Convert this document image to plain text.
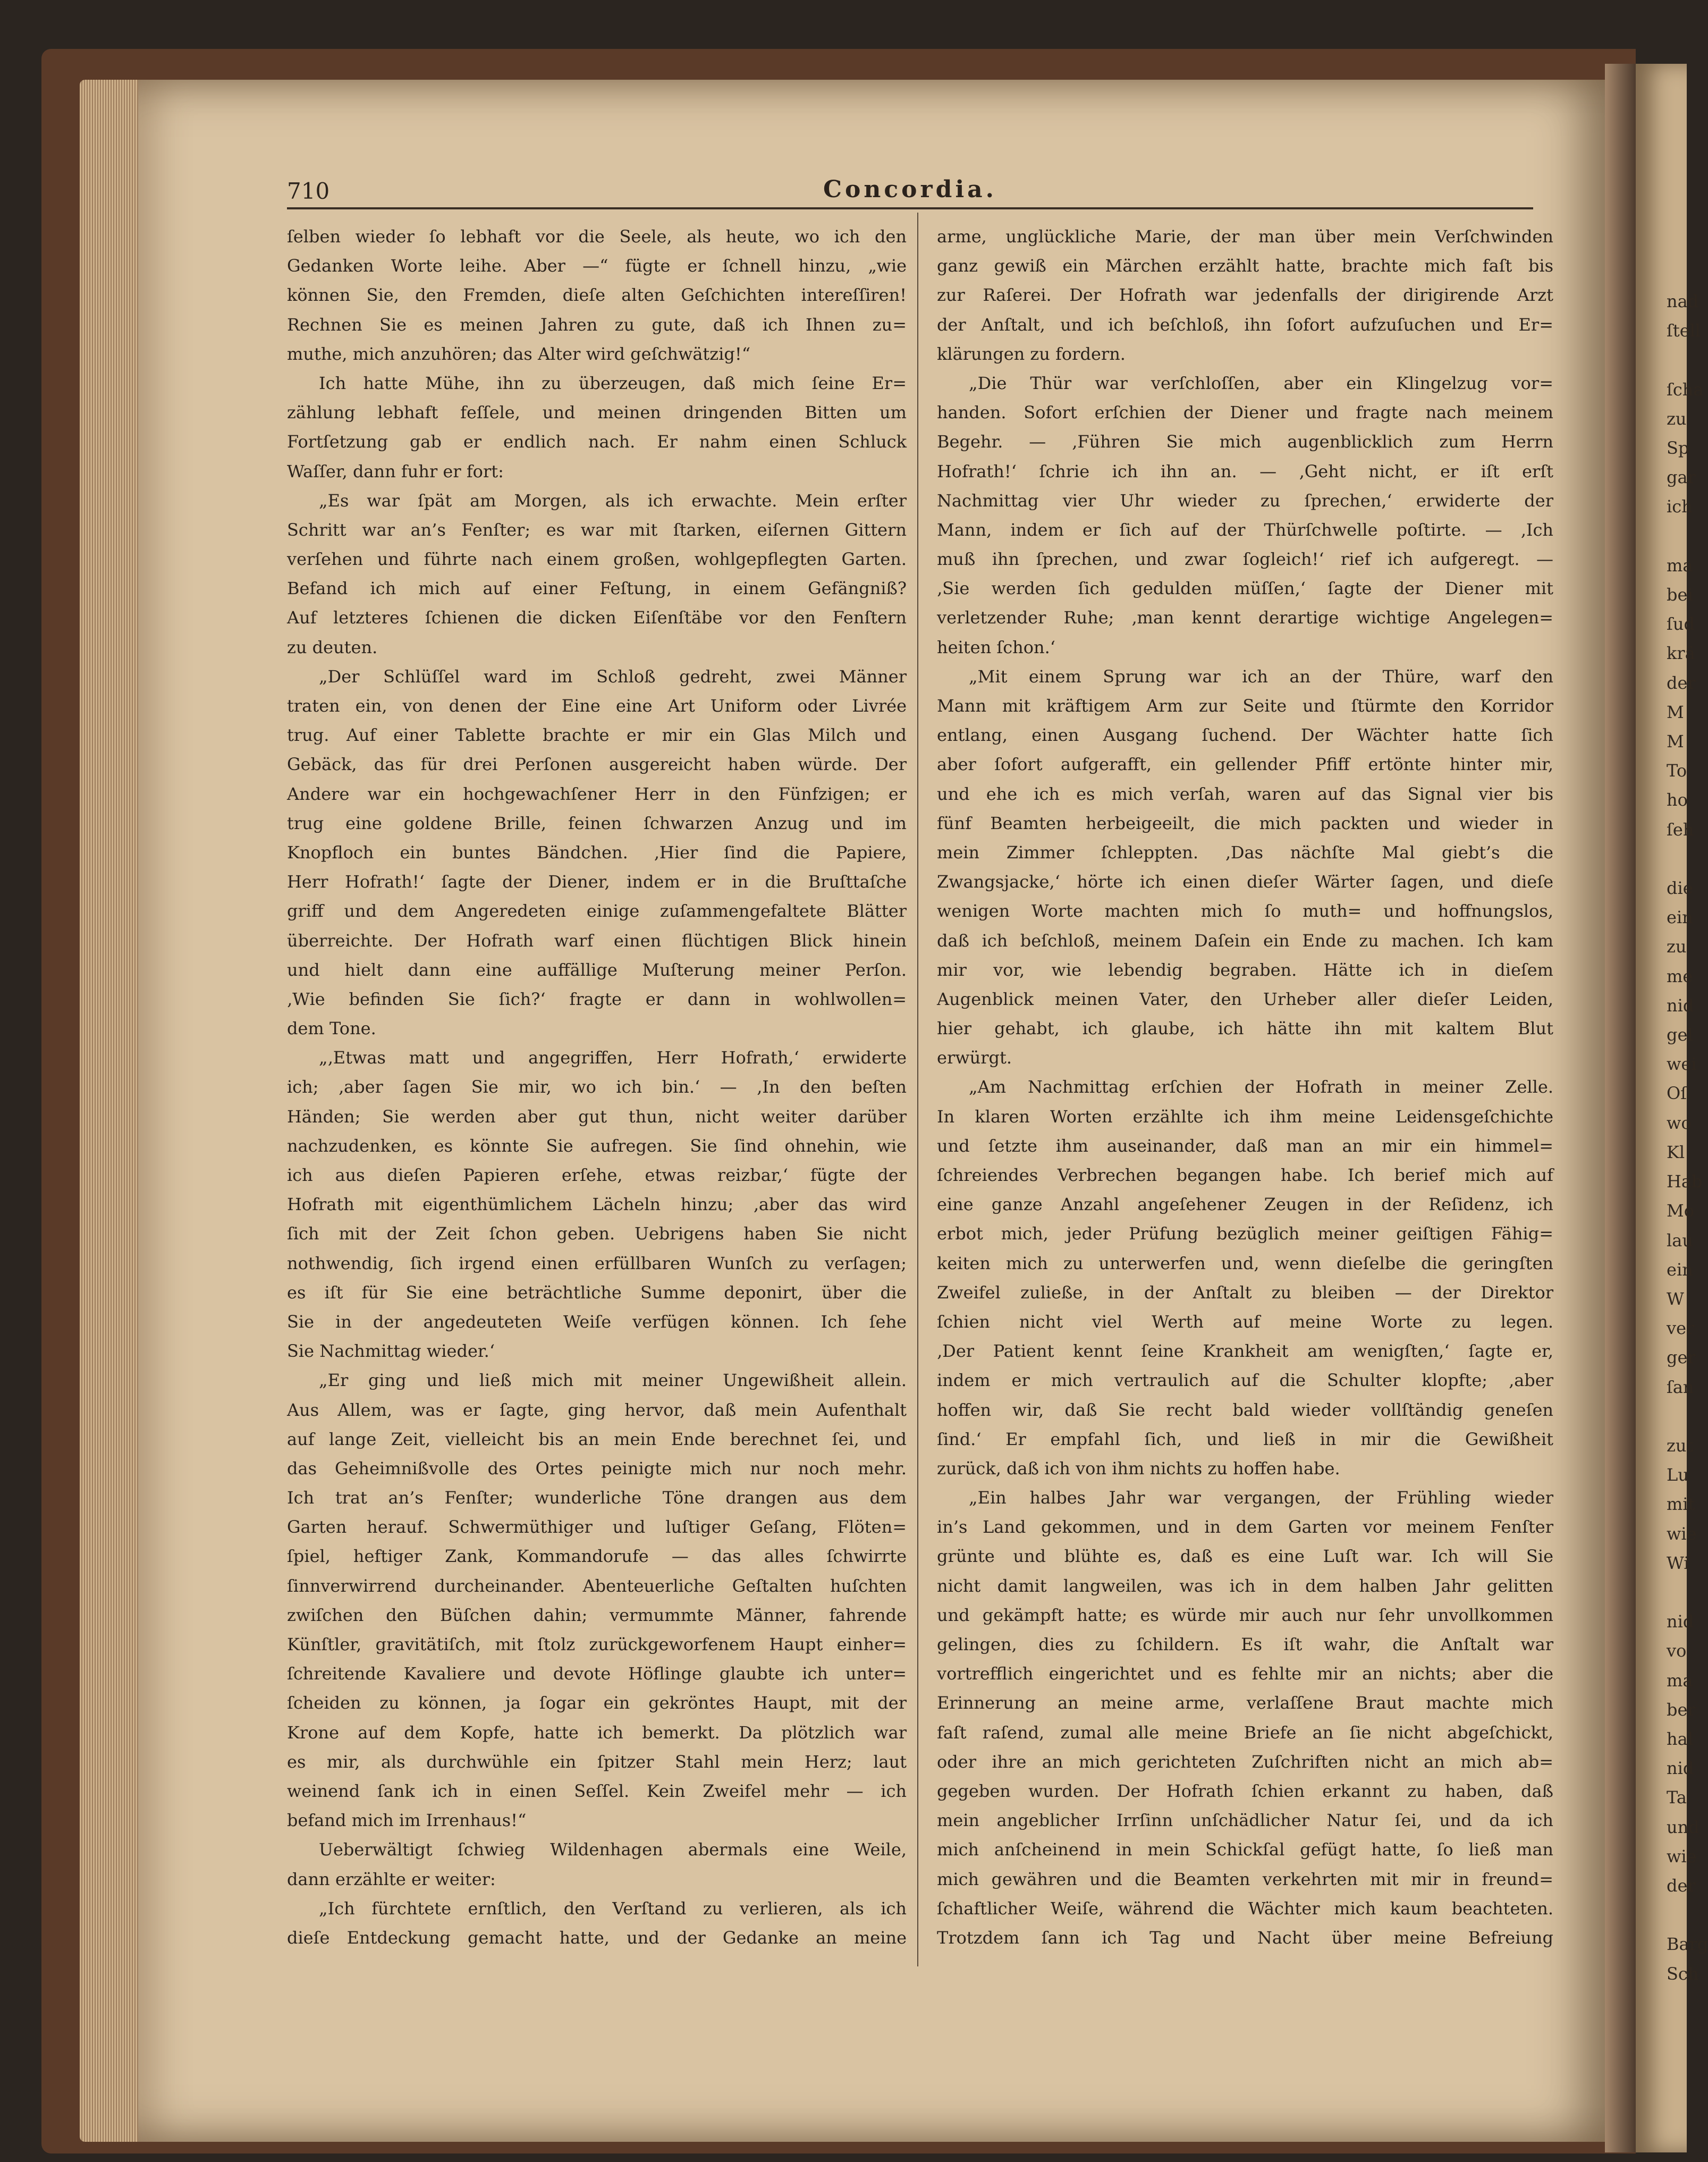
nad
ſtell

ſcha
zu
Sp
gar
ich

ma
bei
ſud
krä
der
M
M
To
ho
ſeh

die
ein
zu
me
nid
gel
wei
Oſ
wo
Kl
Hab
Mo
lau
ein
W
ver
ger
ſan

zut
Lu
mit
wie
Wi

nid
vo
ma
ber
hal
nid
Ta
und
wie
der

Barg
Sch
710	Concordia.
ſelben wieder ſo lebhaft vor die Seele, als heute, wo ich den
Gedanken Worte leihe. Aber —“ fügte er ſchnell hinzu, „wie
können Sie, den Fremden, dieſe alten Geſchichten intereſſiren!
Rechnen Sie es meinen Jahren zu gute, daß ich Ihnen zu=
muthe, mich anzuhören; das Alter wird geſchwätzig!“
Ich hatte Mühe, ihn zu überzeugen, daß mich ſeine Er=
zählung lebhaft feſſele, und meinen dringenden Bitten um
Fortſetzung gab er endlich nach. Er nahm einen Schluck
Waſſer, dann fuhr er fort:
„Es war ſpät am Morgen, als ich erwachte. Mein erſter
Schritt war an’s Fenſter; es war mit ſtarken, eiſernen Gittern
verſehen und führte nach einem großen, wohlgepflegten Garten.
Befand ich mich auf einer Feſtung, in einem Gefängniß?
Auf letzteres ſchienen die dicken Eiſenſtäbe vor den Fenſtern
zu deuten.
„Der Schlüſſel ward im Schloß gedreht, zwei Männer
traten ein, von denen der Eine eine Art Uniform oder Livrée
trug. Auf einer Tablette brachte er mir ein Glas Milch und
Gebäck, das für drei Perſonen ausgereicht haben würde. Der
Andere war ein hochgewachſener Herr in den Fünfzigen; er
trug eine goldene Brille, feinen ſchwarzen Anzug und im
Knopfloch ein buntes Bändchen. ‚Hier ſind die Papiere,
Herr Hofrath!‘ ſagte der Diener, indem er in die Bruſttaſche
griff und dem Angeredeten einige zuſammengefaltete Blätter
überreichte. Der Hofrath warf einen flüchtigen Blick hinein
und hielt dann eine auffällige Muſterung meiner Perſon.
‚Wie befinden Sie ſich?‘ fragte er dann in wohlwollen=
dem Tone.
„‚Etwas matt und angegriffen, Herr Hofrath,‘ erwiderte
ich; ‚aber ſagen Sie mir, wo ich bin.‘ — ‚In den beſten
Händen; Sie werden aber gut thun, nicht weiter darüber
nachzudenken, es könnte Sie aufregen. Sie ſind ohnehin, wie
ich aus dieſen Papieren erſehe, etwas reizbar,‘ fügte der
Hofrath mit eigenthümlichem Lächeln hinzu; ‚aber das wird
ſich mit der Zeit ſchon geben. Uebrigens haben Sie nicht
nothwendig, ſich irgend einen erfüllbaren Wunſch zu verſagen;
es iſt für Sie eine beträchtliche Summe deponirt, über die
Sie in der angedeuteten Weiſe verfügen können. Ich ſehe
Sie Nachmittag wieder.‘
„Er ging und ließ mich mit meiner Ungewißheit allein.
Aus Allem, was er ſagte, ging hervor, daß mein Aufenthalt
auf lange Zeit, vielleicht bis an mein Ende berechnet ſei, und
das Geheimnißvolle des Ortes peinigte mich nur noch mehr.
Ich trat an’s Fenſter; wunderliche Töne drangen aus dem
Garten herauf. Schwermüthiger und luſtiger Geſang, Flöten=
ſpiel, heftiger Zank, Kommandorufe — das alles ſchwirrte
ſinnverwirrend durcheinander. Abenteuerliche Geſtalten huſchten
zwiſchen den Büſchen dahin; vermummte Männer, fahrende
Künſtler, gravitätiſch, mit ſtolz zurückgeworfenem Haupt einher=
ſchreitende Kavaliere und devote Höflinge glaubte ich unter=
ſcheiden zu können, ja ſogar ein gekröntes Haupt, mit der
Krone auf dem Kopfe, hatte ich bemerkt. Da plötzlich war
es mir, als durchwühle ein ſpitzer Stahl mein Herz; laut
weinend ſank ich in einen Seſſel. Kein Zweifel mehr — ich
befand mich im Irrenhaus!“
Ueberwältigt ſchwieg Wildenhagen abermals eine Weile,
dann erzählte er weiter:
„Ich fürchtete ernſtlich, den Verſtand zu verlieren, als ich
dieſe Entdeckung gemacht hatte, und der Gedanke an meine
arme, unglückliche Marie, der man über mein Verſchwinden
ganz gewiß ein Märchen erzählt hatte, brachte mich faſt bis
zur Raſerei. Der Hofrath war jedenfalls der dirigirende Arzt
der Anſtalt, und ich beſchloß, ihn ſofort aufzuſuchen und Er=
klärungen zu fordern.
„Die Thür war verſchloſſen, aber ein Klingelzug vor=
handen. Sofort erſchien der Diener und fragte nach meinem
Begehr. — ‚Führen Sie mich augenblicklich zum Herrn
Hofrath!‘ ſchrie ich ihn an. — ‚Geht nicht, er iſt erſt
Nachmittag vier Uhr wieder zu ſprechen,‘ erwiderte der
Mann, indem er ſich auf der Thürſchwelle poſtirte. — ‚Ich
muß ihn ſprechen, und zwar ſogleich!‘ rief ich aufgeregt. —
‚Sie werden ſich gedulden müſſen,‘ ſagte der Diener mit
verletzender Ruhe; ‚man kennt derartige wichtige Angelegen=
heiten ſchon.‘
„Mit einem Sprung war ich an der Thüre, warf den
Mann mit kräftigem Arm zur Seite und ſtürmte den Korridor
entlang, einen Ausgang ſuchend. Der Wächter hatte ſich
aber ſofort aufgerafft, ein gellender Pfiff ertönte hinter mir,
und ehe ich es mich verſah, waren auf das Signal vier bis
fünf Beamten herbeigeeilt, die mich packten und wieder in
mein Zimmer ſchleppten. ‚Das nächſte Mal giebt’s die
Zwangsjacke,‘ hörte ich einen dieſer Wärter ſagen, und dieſe
wenigen Worte machten mich ſo muth= und hoffnungslos,
daß ich beſchloß, meinem Daſein ein Ende zu machen. Ich kam
mir vor, wie lebendig begraben. Hätte ich in dieſem
Augenblick meinen Vater, den Urheber aller dieſer Leiden,
hier gehabt, ich glaube, ich hätte ihn mit kaltem Blut
erwürgt.
„Am Nachmittag erſchien der Hofrath in meiner Zelle.
In klaren Worten erzählte ich ihm meine Leidensgeſchichte
und ſetzte ihm auseinander, daß man an mir ein himmel=
ſchreiendes Verbrechen begangen habe. Ich berief mich auf
eine ganze Anzahl angeſehener Zeugen in der Reſidenz, ich
erbot mich, jeder Prüfung bezüglich meiner geiſtigen Fähig=
keiten mich zu unterwerfen und, wenn dieſelbe die geringſten
Zweifel zuließe, in der Anſtalt zu bleiben — der Direktor
ſchien nicht viel Werth auf meine Worte zu legen.
‚Der Patient kennt ſeine Krankheit am wenigſten,‘ ſagte er,
indem er mich vertraulich auf die Schulter klopfte; ‚aber
hoffen wir, daß Sie recht bald wieder vollſtändig geneſen
ſind.‘ Er empfahl ſich, und ließ in mir die Gewißheit
zurück, daß ich von ihm nichts zu hoffen habe.
„Ein halbes Jahr war vergangen, der Frühling wieder
in’s Land gekommen, und in dem Garten vor meinem Fenſter
grünte und blühte es, daß es eine Luſt war. Ich will Sie
nicht damit langweilen, was ich in dem halben Jahr gelitten
und gekämpft hatte; es würde mir auch nur ſehr unvollkommen
gelingen, dies zu ſchildern. Es iſt wahr, die Anſtalt war
vortrefflich eingerichtet und es fehlte mir an nichts; aber die
Erinnerung an meine arme, verlaſſene Braut machte mich
faſt raſend, zumal alle meine Briefe an ſie nicht abgeſchickt,
oder ihre an mich gerichteten Zuſchriften nicht an mich ab=
gegeben wurden. Der Hofrath ſchien erkannt zu haben, daß
mein angeblicher Irrſinn unſchädlicher Natur ſei, und da ich
mich anſcheinend in mein Schickſal gefügt hatte, ſo ließ man
mich gewähren und die Beamten verkehrten mit mir in freund=
ſchaftlicher Weiſe, während die Wächter mich kaum beachteten.
Trotzdem ſann ich Tag und Nacht über meine Befreiung
